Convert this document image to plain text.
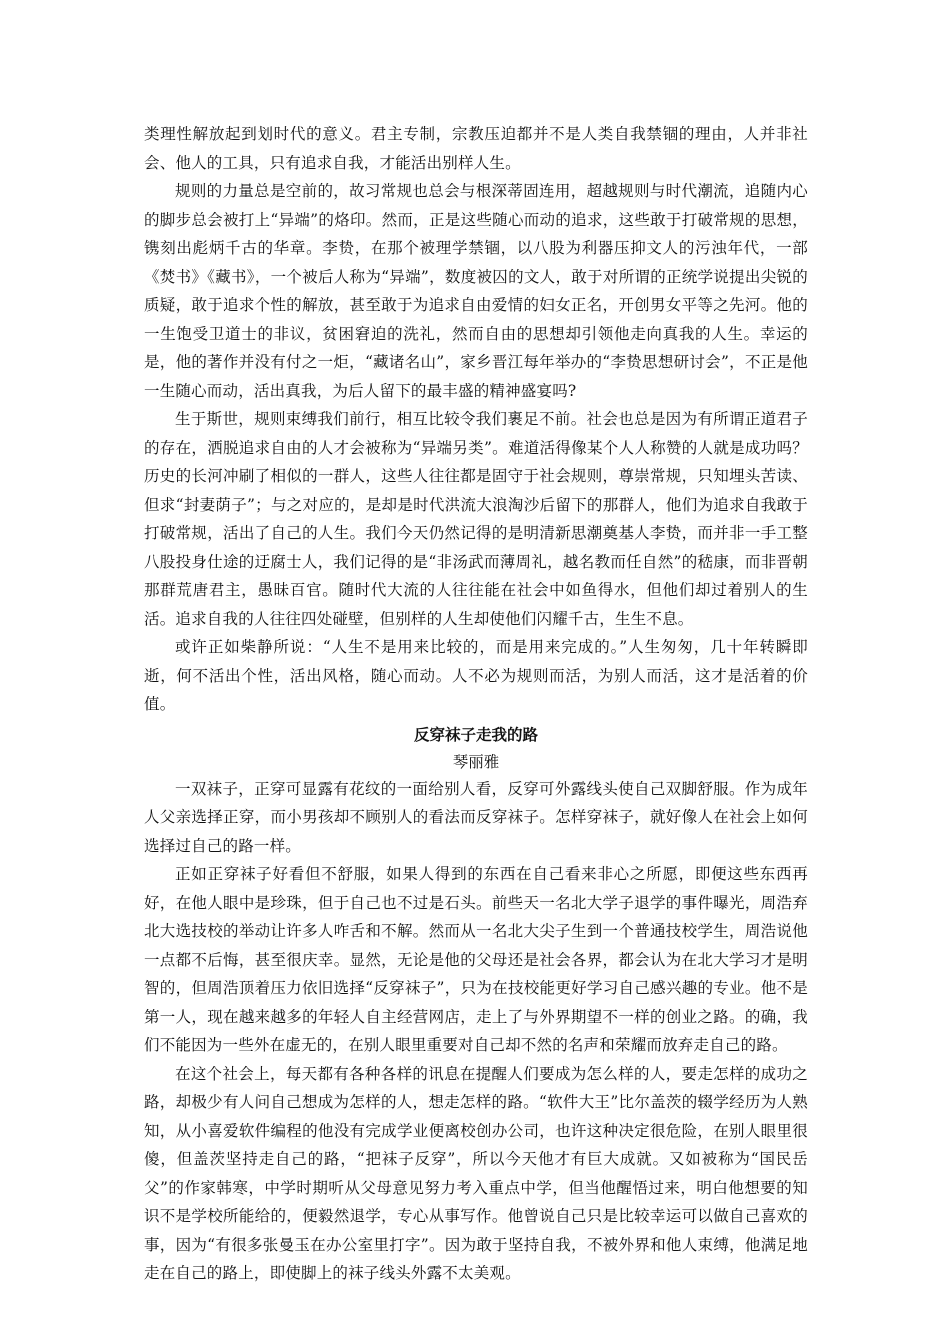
类理性解放起到划时代的意义。君主专制，宗教压迫都并不是人类自我禁锢的理由，人并非社会、他人的工具，只有追求自我，才能活出别样人生。

规则的力量总是空前的，故习常规也总会与根深蒂固连用，超越规则与时代潮流，追随内心的脚步总会被打上“异端”的烙印。然而，正是这些随心而动的追求，这些敢于打破常规的思想，镌刻出彪炳千古的华章。李贽，在那个被理学禁锢，以八股为利器压抑文人的污浊年代，一部《焚书》《藏书》，一个被后人称为“异端”，数度被囚的文人，敢于对所谓的正统学说提出尖锐的质疑，敢于追求个性的解放，甚至敢于为追求自由爱情的妇女正名，开创男女平等之先河。他的一生饱受卫道士的非议，贫困窘迫的洗礼，然而自由的思想却引领他走向真我的人生。幸运的是，他的著作并没有付之一炬，“藏诸名山”，家乡晋江每年举办的“李贽思想研讨会”，不正是他一生随心而动，活出真我，为后人留下的最丰盛的精神盛宴吗?

生于斯世，规则束缚我们前行，相互比较令我们裹足不前。社会也总是因为有所谓正道君子的存在，洒脱追求自由的人才会被称为“异端另类”。难道活得像某个人人称赞的人就是成功吗？历史的长河冲刷了相似的一群人，这些人往往都是固守于社会规则，尊崇常规，只知埋头苦读、但求“封妻荫子”；与之对应的，是却是时代洪流大浪淘沙后留下的那群人，他们为追求自我敢于打破常规，活出了自己的人生。我们今天仍然记得的是明清新思潮奠基人李贽，而并非一手工整八股投身仕途的迂腐士人，我们记得的是“非汤武而薄周礼，越名教而任自然”的嵇康，而非晋朝那群荒唐君主，愚昧百官。随时代大流的人往往能在社会中如鱼得水，但他们却过着别人的生活。追求自我的人往往四处碰壁，但别样的人生却使他们闪耀千古，生生不息。

或许正如柴静所说：“人生不是用来比较的，而是用来完成的。”人生匆匆，几十年转瞬即逝，何不活出个性，活出风格，随心而动。人不必为规则而活，为别人而活，这才是活着的价值。

反穿袜子走我的路
琴丽雅

一双袜子，正穿可显露有花纹的一面给别人看，反穿可外露线头使自己双脚舒服。作为成年人父亲选择正穿，而小男孩却不顾别人的看法而反穿袜子。怎样穿袜子，就好像人在社会上如何选择过自己的路一样。

正如正穿袜子好看但不舒服，如果人得到的东西在自己看来非心之所愿，即便这些东西再好，在他人眼中是珍珠，但于自己也不过是石头。前些天一名北大学子退学的事件曝光，周浩弃北大选技校的举动让许多人咋舌和不解。然而从一名北大尖子生到一个普通技校学生，周浩说他一点都不后悔，甚至很庆幸。显然，无论是他的父母还是社会各界，都会认为在北大学习才是明智的，但周浩顶着压力依旧选择“反穿袜子”，只为在技校能更好学习自己感兴趣的专业。他不是第一人，现在越来越多的年轻人自主经营网店，走上了与外界期望不一样的创业之路。的确，我们不能因为一些外在虚无的，在别人眼里重要对自己却不然的名声和荣耀而放弃走自己的路。

在这个社会上，每天都有各种各样的讯息在提醒人们要成为怎么样的人，要走怎样的成功之路，却极少有人问自己想成为怎样的人，想走怎样的路。“软件大王”比尔盖茨的辍学经历为人熟知，从小喜爱软件编程的他没有完成学业便离校创办公司，也许这种决定很危险，在别人眼里很傻，但盖茨坚持走自己的路，“把袜子反穿”，所以今天他才有巨大成就。又如被称为“国民岳父”的作家韩寒，中学时期听从父母意见努力考入重点中学，但当他醒悟过来，明白他想要的知识不是学校所能给的，便毅然退学，专心从事写作。他曾说自己只是比较幸运可以做自己喜欢的事，因为“有很多张曼玉在办公室里打字”。因为敢于坚持自我，不被外界和他人束缚，他满足地走在自己的路上，即使脚上的袜子线头外露不太美观。
